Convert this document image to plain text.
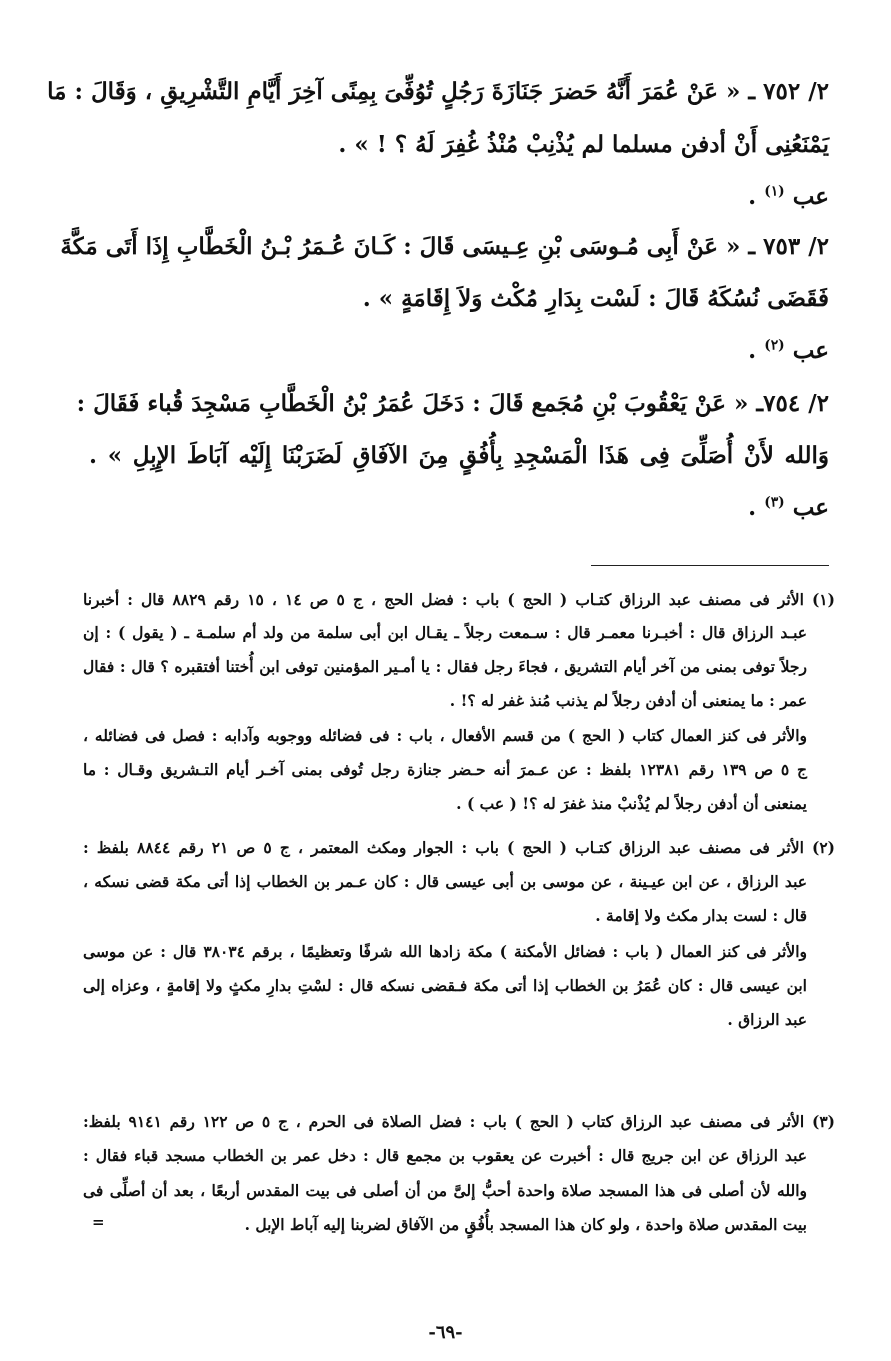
٢/ ٧٥٢ ـ « عَنْ عُمَرَ أَنَّهُ حَضرَ جَنَازَةَ رَجُلٍ تُوُفِّىَ بِمِنًى آخِرَ أَيَّامِ التَّشْرِيقِ ، وَقَالَ : مَا
يَمْنَعُنِى أَنْ أدفن مسلما لم يُذْنِبْ مُنْذُ غُفِرَ لَهُ ؟ ! » .
عب $^{(١)}$ .
٢/ ٧٥٣ ـ « عَنْ أَبِى مُـوسَى بْنِ عِـيسَى قَالَ : كَـانَ عُـمَرُ بْـنُ الْخَطَّابِ إِذَا أَتَى مَكَّةَ
فَقَضَى نُسُكَهُ قَالَ : لَسْت بِدَارِ مُكْث وَلاَ إِقَامَةٍ » .
عب $^{(٢)}$ .
٢/ ٧٥٤ـ « عَنْ يَعْقُوبَ بْنِ مُجَمع قَالَ : دَخَلَ عُمَرُ بْنُ الْخَطَّابِ مَسْجِدَ قُباء فَقَالَ :
وَالله لأَنْ أُصَلِّىَ فِى هَذَا الْمَسْجِدِ بِأُفُقٍ مِنَ الآفَاقِ لَضَرَبْنَا إِلَيْه آبَاطَ الإِبِلِ » .
عب $^{(٣)}$ .
(١) الأثر فى مصنف عبد الرزاق كتـاب ( الحج ) باب : فضل الحج ، ج ٥ ص ١٤ ، ١٥ رقم ٨٨٢٩ قال : أخبرنا
عبـد الرزاق قال : أخبـرنا معمـر قال : سـمعت رجلاً ـ يقـال ابن أبى سلمة من ولد أم سلمـة ـ ( يقول ) : إن
رجلاً توفى بمنى من آخر أيام التشريق ، فجاءَ رجل فقال : يا أمـير المؤمنين توفى ابن أُختنا أفتقبره ؟ قال : فقال
عمر : ما يمنعنى أن أدفن رجلاً لم يذنب مُنذ غفر له ؟! .
والأثر فى كنز العمال كتاب ( الحج ) من قسم الأفعال ، باب : فى فضائله ووجوبه وآدابه : فصل فى فضائله ،
ج ٥ ص ١٣٩ رقم ١٢٣٨١ بلفظ : عن عـمرَ أنه حـضر جنازة رجل تُوفى بمنى آخـر أيام التـشريق وقـال : ما
يمنعنى أن أدفن رجلاً لم يُذْنبْ منذ غفرَ له ؟! ( عب ) .
(٢) الأثر فى مصنف عبد الرزاق كتـاب ( الحج ) باب : الجوار ومكث المعتمر ، ج ٥ ص ٢١ رقم ٨٨٤٤ بلفظ :
عبد الرزاق ، عن ابن عيـينة ، عن موسى بن أبى عيسى قال : كان عـمر بن الخطاب إذا أتى مكة قضى نسكه ،
قال : لست بدار مكث ولا إقامة .
والأثر فى كنز العمال ( باب : فضائل الأمكنة ) مكة زادها الله شرفًا وتعظيمًا ، برقم ٣٨٠٣٤ قال : عن موسى
ابن عيسى قال : كان عُمَرُ بن الخطاب إذا أتى مكة فـقضى نسكه قال : لسْتِ بدارِ مكثٍ ولا إقامةٍ ، وعزاه إلى
عبد الرزاق .
(٣) الأثر فى مصنف عبد الرزاق كتاب ( الحج ) باب : فضل الصلاة فى الحرم ، ج ٥ ص ١٢٢ رقم ٩١٤١ بلفظ:
عبد الرزاق عن ابن جريج قال : أخبرت عن يعقوب بن مجمع قال : دخل عمر بن الخطاب مسجد قباء فقال :
والله لأن أصلى فى هذا المسجد صلاة واحدة أحبُّ إلىَّ من أن أصلى فى بيت المقدس أربعًا ، بعد أن أصلِّى فى
بيت المقدس صلاة واحدة ، ولو كان هذا المسجد بأُفُقٍ من الآفاق لضربنا إليه آباط الإبل .
=
-٦٩-
